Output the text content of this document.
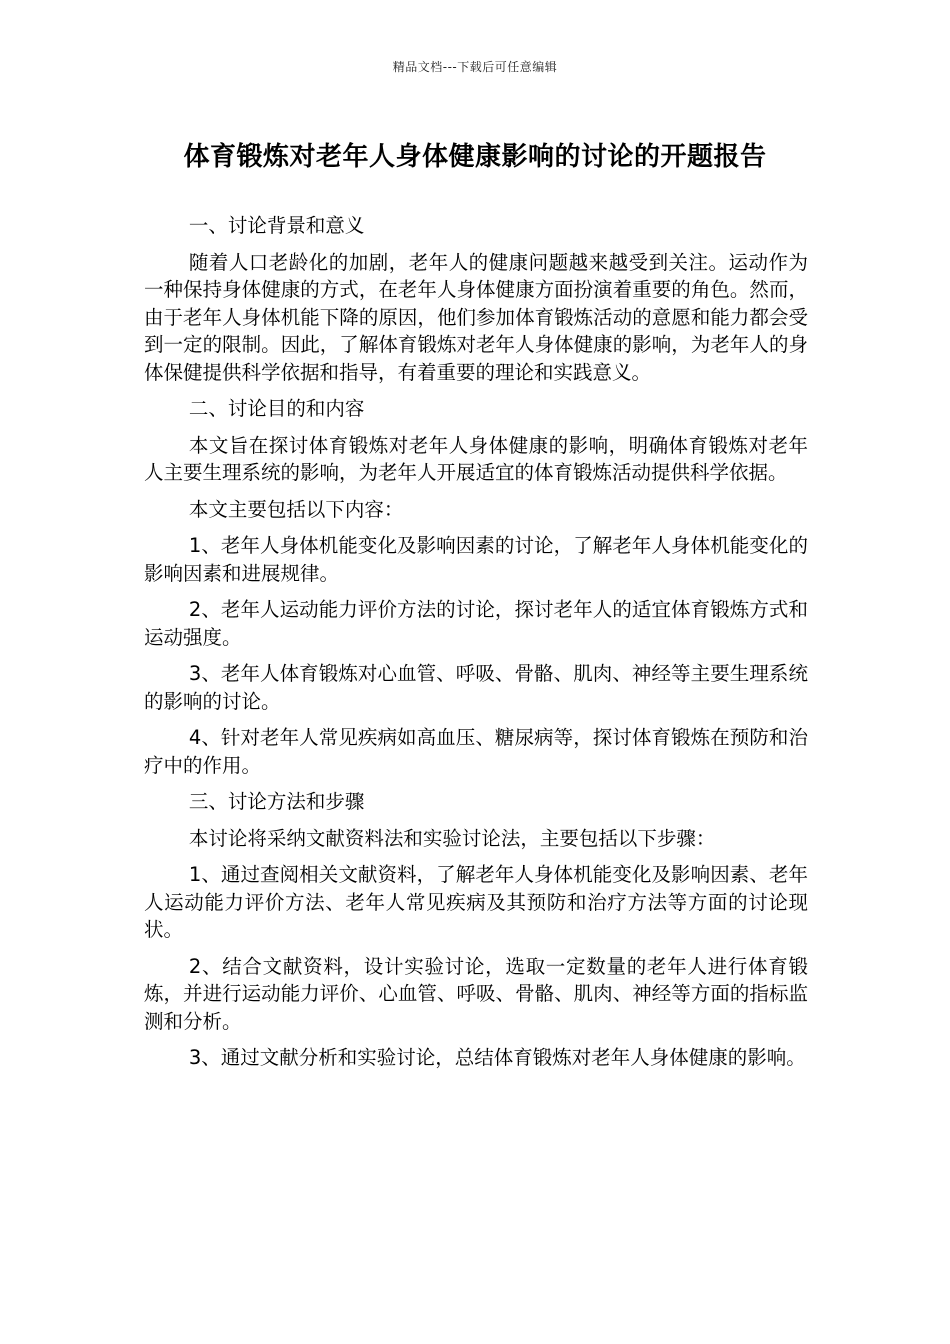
精品文档---下载后可任意编辑
体育锻炼对老年人身体健康影响的讨论的开题报告

一、讨论背景和意义

随着人口老龄化的加剧，老年人的健康问题越来越受到关注。运动作为一种保持身体健康的方式，在老年人身体健康方面扮演着重要的角色。然而，由于老年人身体机能下降的原因，他们参加体育锻炼活动的意愿和能力都会受到一定的限制。因此，了解体育锻炼对老年人身体健康的影响，为老年人的身体保健提供科学依据和指导，有着重要的理论和实践意义。

二、讨论目的和内容

本文旨在探讨体育锻炼对老年人身体健康的影响，明确体育锻炼对老年人主要生理系统的影响，为老年人开展适宜的体育锻炼活动提供科学依据。

本文主要包括以下内容：

1、老年人身体机能变化及影响因素的讨论，了解老年人身体机能变化的影响因素和进展规律。

2、老年人运动能力评价方法的讨论，探讨老年人的适宜体育锻炼方式和运动强度。

3、老年人体育锻炼对心血管、呼吸、骨骼、肌肉、神经等主要生理系统的影响的讨论。

4、针对老年人常见疾病如高血压、糖尿病等，探讨体育锻炼在预防和治疗中的作用。

三、讨论方法和步骤

本讨论将采纳文献资料法和实验讨论法，主要包括以下步骤：

1、通过查阅相关文献资料，了解老年人身体机能变化及影响因素、老年人运动能力评价方法、老年人常见疾病及其预防和治疗方法等方面的讨论现状。

2、结合文献资料，设计实验讨论，选取一定数量的老年人进行体育锻炼，并进行运动能力评价、心血管、呼吸、骨骼、肌肉、神经等方面的指标监测和分析。

3、通过文献分析和实验讨论，总结体育锻炼对老年人身体健康的影响。
